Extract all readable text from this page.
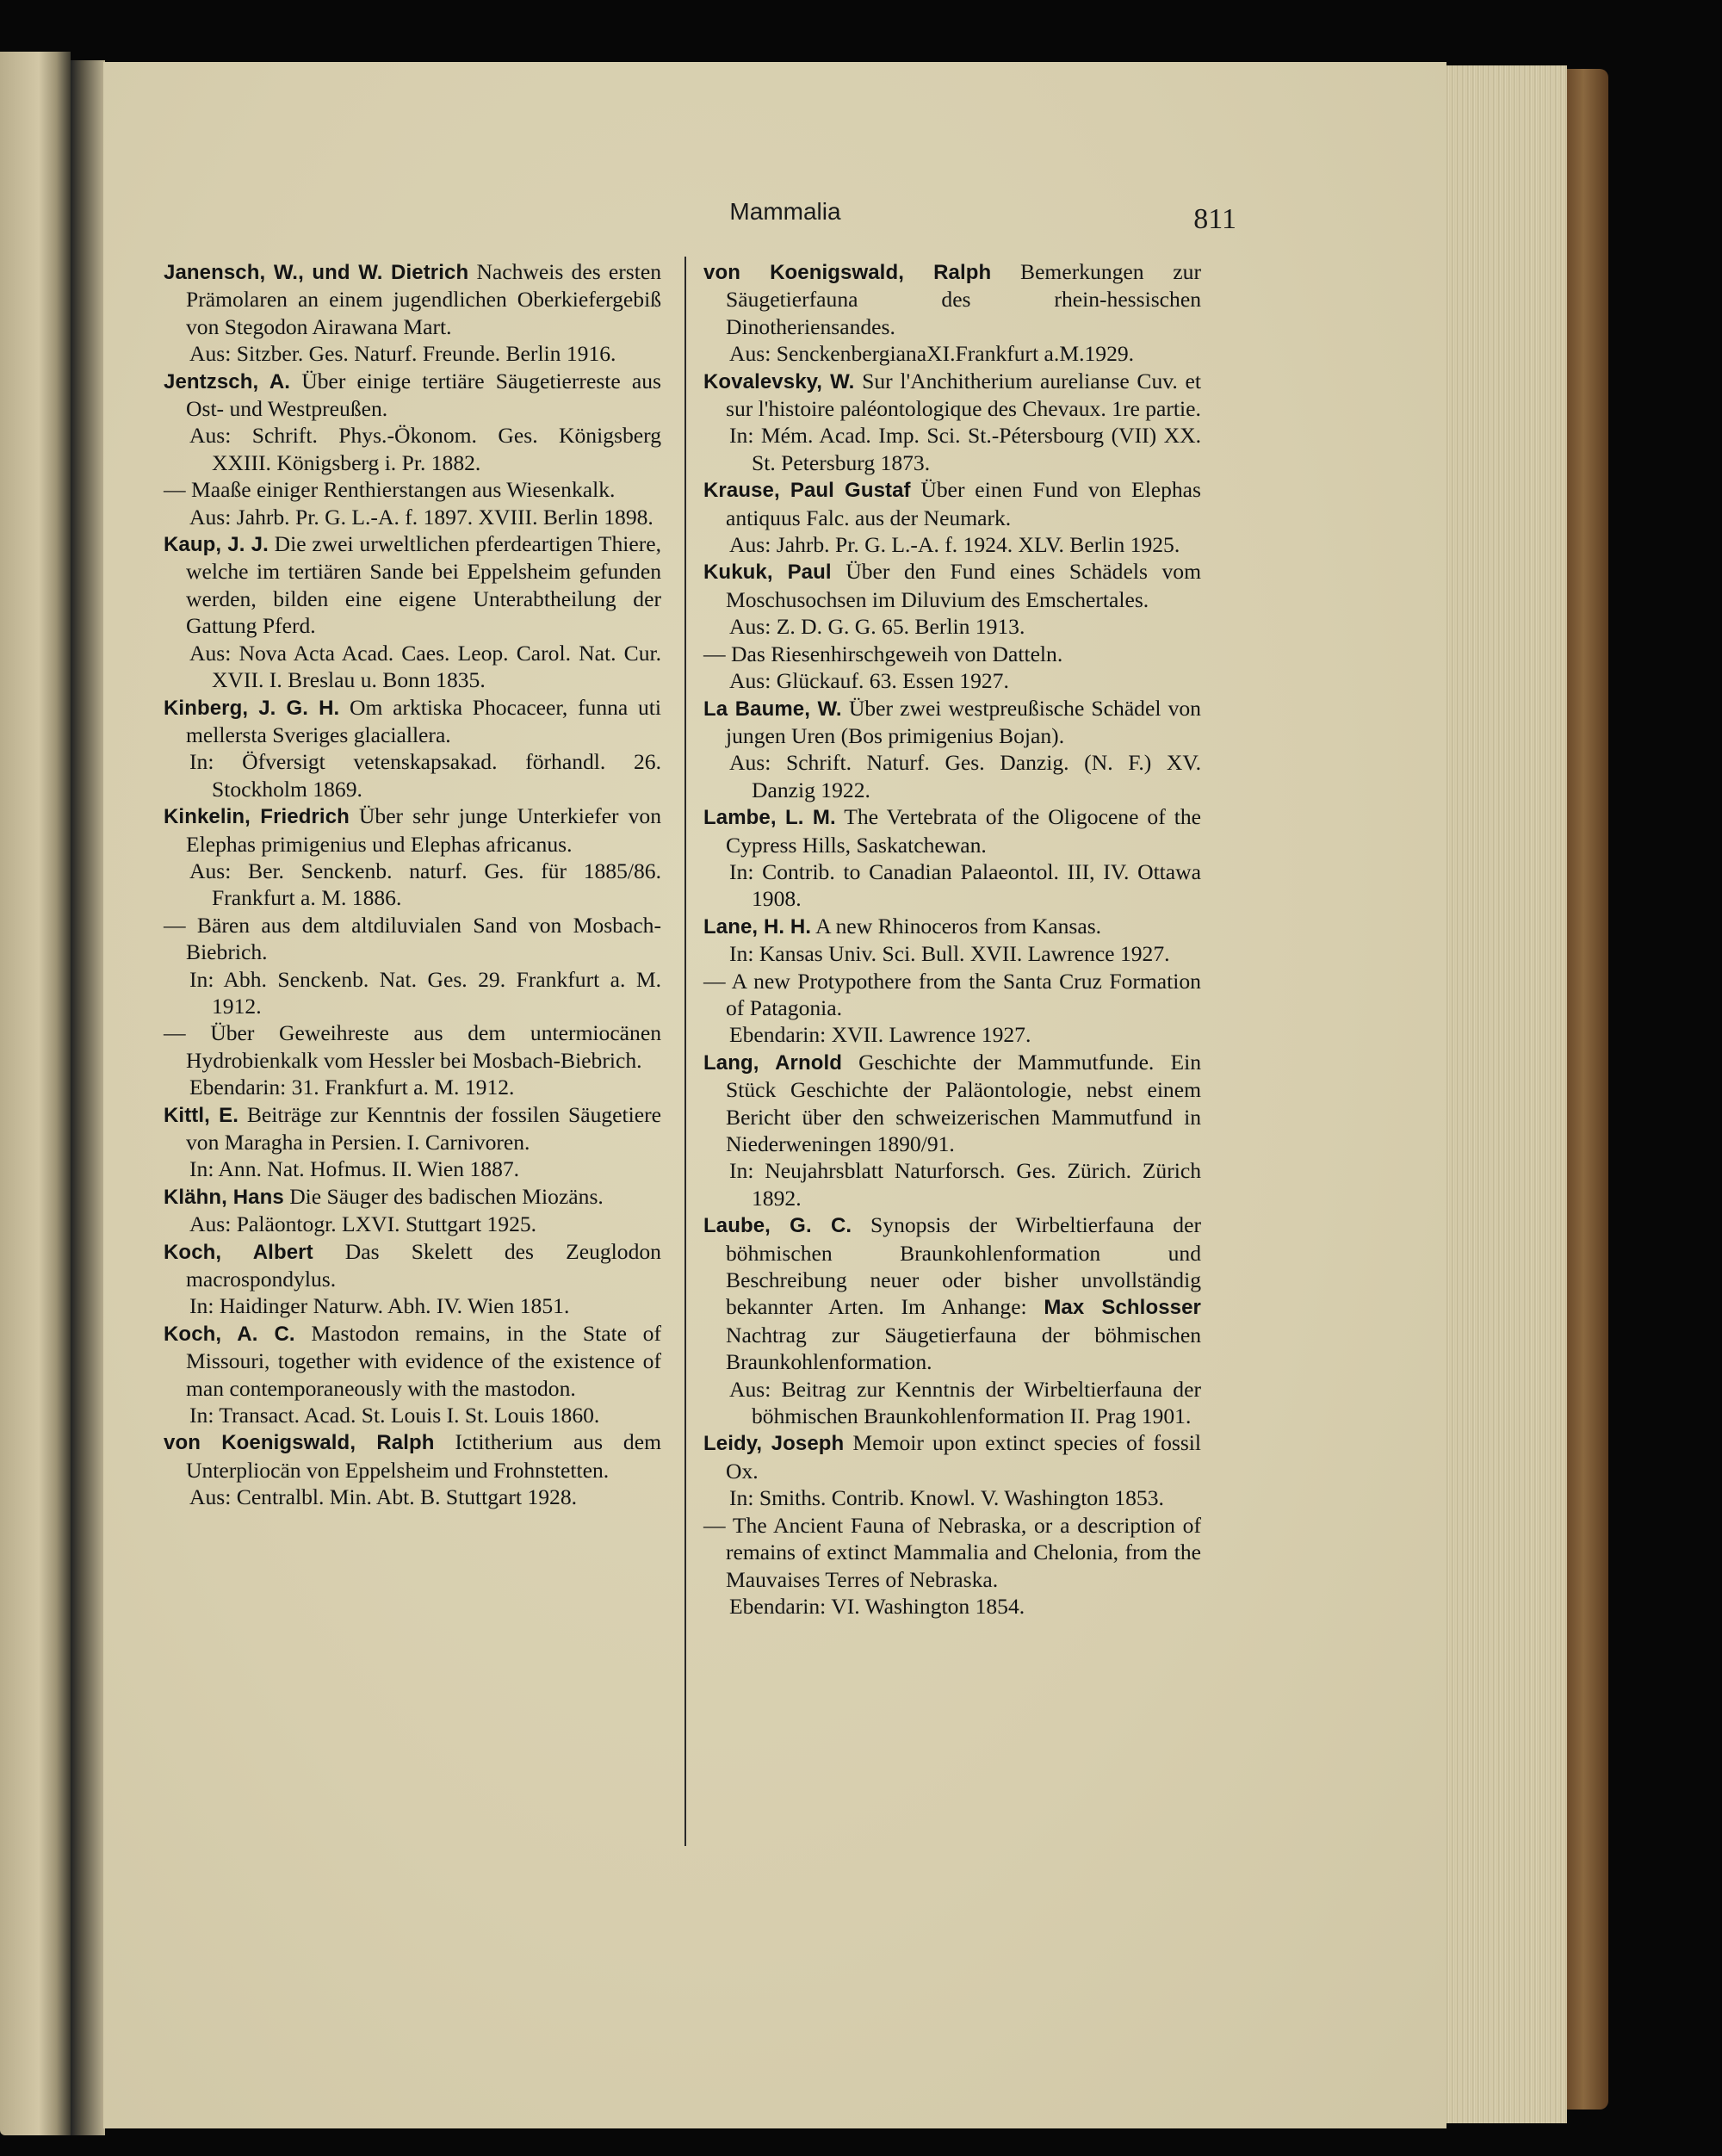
Mammalia	811

Janensch, W., und W. Dietrich Nachweis des ersten Prämolaren an einem jugendlichen Oberkiefergebiß von Stegodon Airawana Mart.

Aus: Sitzber. Ges. Naturf. Freunde. Berlin 1916.

Jentzsch, A. Über einige tertiäre Säugetierreste aus Ost- und Westpreußen.

Aus: Schrift. Phys.-Ökonom. Ges. Königsberg XXIII. Königsberg i. Pr. 1882.

— Maaße einiger Renthierstangen aus Wiesenkalk.

Aus: Jahrb. Pr. G. L.-A. f. 1897. XVIII. Berlin 1898.

Kaup, J. J. Die zwei urweltlichen pferdeartigen Thiere, welche im tertiären Sande bei Eppelsheim gefunden werden, bilden eine eigene Unterabtheilung der Gattung Pferd.

Aus: Nova Acta Acad. Caes. Leop. Carol. Nat. Cur. XVII. I. Breslau u. Bonn 1835.

Kinberg, J. G. H. Om arktiska Phocaceer, funna uti mellersta Sveriges glaciallera.

In: Öfversigt vetenskapsakad. förhandl. 26. Stockholm 1869.

Kinkelin, Friedrich Über sehr junge Unterkiefer von Elephas primigenius und Elephas africanus.

Aus: Ber. Senckenb. naturf. Ges. für 1885/86. Frankfurt a. M. 1886.

— Bären aus dem altdiluvialen Sand von Mosbach-Biebrich.

In: Abh. Senckenb. Nat. Ges. 29. Frankfurt a. M. 1912.

— Über Geweihreste aus dem untermiocänen Hydrobienkalk vom Hessler bei Mosbach-Biebrich.

Ebendarin: 31. Frankfurt a. M. 1912.

Kittl, E. Beiträge zur Kenntnis der fossilen Säugetiere von Maragha in Persien. I. Carnivoren.

In: Ann. Nat. Hofmus. II. Wien 1887.

Klähn, Hans Die Säuger des badischen Miozäns.

Aus: Paläontogr. LXVI. Stuttgart 1925.

Koch, Albert Das Skelett des Zeuglodon macrospondylus.

In: Haidinger Naturw. Abh. IV. Wien 1851.

Koch, A. C. Mastodon remains, in the State of Missouri, together with evidence of the existence of man contemporaneously with the mastodon.

In: Transact. Acad. St. Louis I. St. Louis 1860.

von Koenigswald, Ralph Ictitherium aus dem Unterpliocän von Eppelsheim und Frohnstetten.

Aus: Centralbl. Min. Abt. B. Stuttgart 1928.

von Koenigswald, Ralph Bemerkungen zur Säugetierfauna des rhein-hessischen Dinotheriensandes.

Aus: SenckenbergianaXI.Frankfurt a.M.1929.

Kovalevsky, W. Sur l'Anchitherium aurelianse Cuv. et sur l'histoire paléontologique des Chevaux. 1re partie.

In: Mém. Acad. Imp. Sci. St.-Pétersbourg (VII) XX. St. Petersburg 1873.

Krause, Paul Gustaf Über einen Fund von Elephas antiquus Falc. aus der Neumark.

Aus: Jahrb. Pr. G. L.-A. f. 1924. XLV. Berlin 1925.

Kukuk, Paul Über den Fund eines Schädels vom Moschusochsen im Diluvium des Emschertales.

Aus: Z. D. G. G. 65. Berlin 1913.

— Das Riesenhirschgeweih von Datteln.

Aus: Glückauf. 63. Essen 1927.

La Baume, W. Über zwei westpreußische Schädel von jungen Uren (Bos primigenius Bojan).

Aus: Schrift. Naturf. Ges. Danzig. (N. F.) XV. Danzig 1922.

Lambe, L. M. The Vertebrata of the Oligocene of the Cypress Hills, Saskatchewan.

In: Contrib. to Canadian Palaeontol. III, IV. Ottawa 1908.

Lane, H. H. A new Rhinoceros from Kansas.

In: Kansas Univ. Sci. Bull. XVII. Lawrence 1927.

— A new Protypothere from the Santa Cruz Formation of Patagonia.

Ebendarin: XVII. Lawrence 1927.

Lang, Arnold Geschichte der Mammutfunde. Ein Stück Geschichte der Paläontologie, nebst einem Bericht über den schweizerischen Mammutfund in Niederweningen 1890/91.

In: Neujahrsblatt Naturforsch. Ges. Zürich. Zürich 1892.

Laube, G. C. Synopsis der Wirbeltierfauna der böhmischen Braunkohlenformation und Beschreibung neuer oder bisher unvollständig bekannter Arten. Im Anhange: Max Schlosser Nachtrag zur Säugetierfauna der böhmischen Braunkohlenformation.

Aus: Beitrag zur Kenntnis der Wirbeltierfauna der böhmischen Braunkohlenformation II. Prag 1901.

Leidy, Joseph Memoir upon extinct species of fossil Ox.

In: Smiths. Contrib. Knowl. V. Washington 1853.

— The Ancient Fauna of Nebraska, or a description of remains of extinct Mammalia and Chelonia, from the Mauvaises Terres of Nebraska.

Ebendarin: VI. Washington 1854.
